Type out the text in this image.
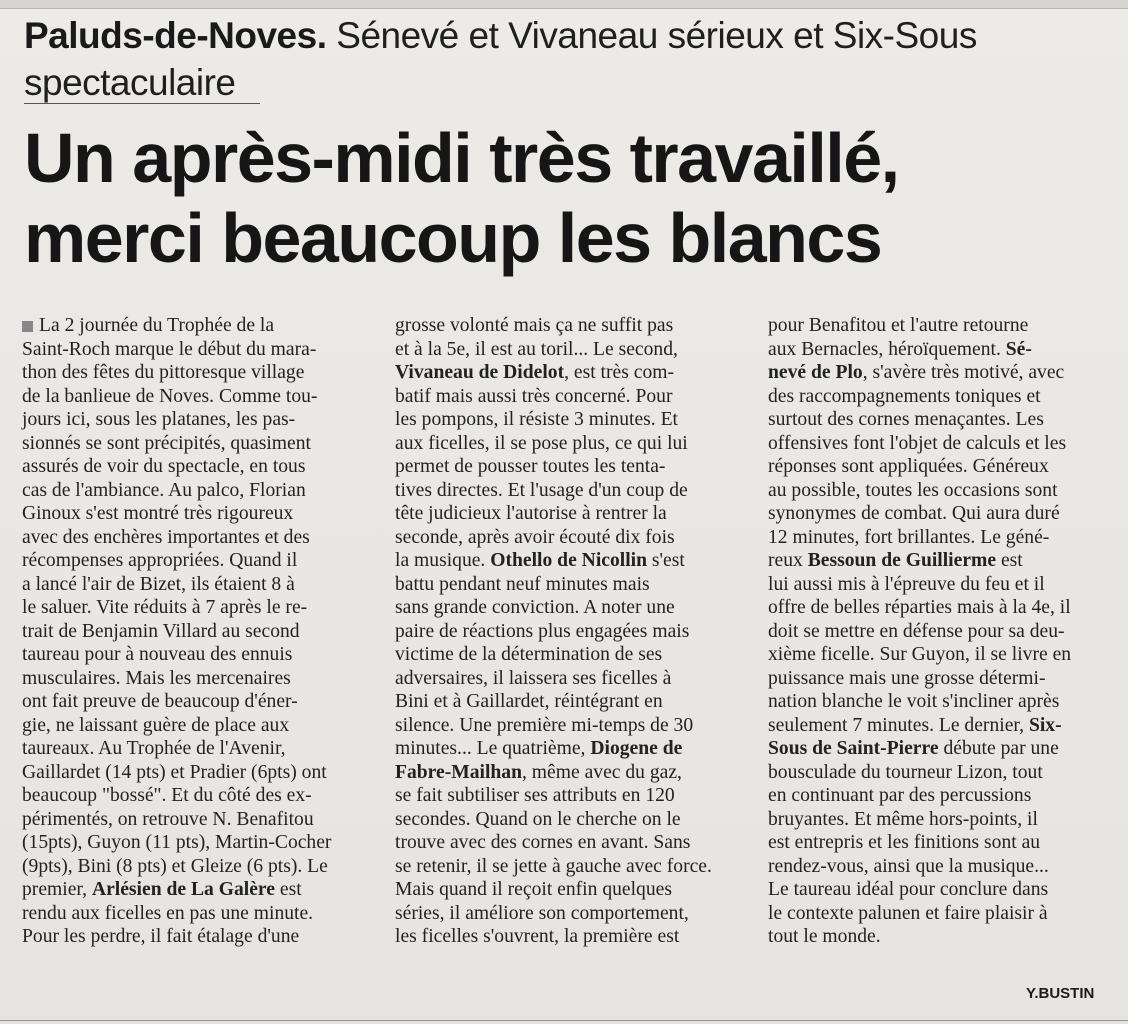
Paluds-de-Noves. Sénevé et Vivaneau sérieux et Six-Sous
spectaculaire
Un après-midi très travaillé,
merci beaucoup les blancs
La 2 journée du Trophée de la
Saint-Roch marque le début du mara-
thon des fêtes du pittoresque village
de la banlieue de Noves. Comme tou-
jours ici, sous les platanes, les pas-
sionnés se sont précipités, quasiment
assurés de voir du spectacle, en tous
cas de l'ambiance. Au palco, Florian
Ginoux s'est montré très rigoureux
avec des enchères importantes et des
récompenses appropriées. Quand il
a lancé l'air de Bizet, ils étaient 8 à
le saluer. Vite réduits à 7 après le re-
trait de Benjamin Villard au second
taureau pour à nouveau des ennuis
musculaires. Mais les mercenaires
ont fait preuve de beaucoup d'éner-
gie, ne laissant guère de place aux
taureaux. Au Trophée de l'Avenir,
Gaillardet (14 pts) et Pradier (6pts) ont
beaucoup "bossé". Et du côté des ex-
périmentés, on retrouve N. Benafitou
(15pts), Guyon (11 pts), Martin-Cocher
(9pts), Bini (8 pts) et Gleize (6 pts). Le
premier, Arlésien de La Galère est
rendu aux ficelles en pas une minute.
Pour les perdre, il fait étalage d'une
grosse volonté mais ça ne suffit pas
et à la 5e, il est au toril... Le second,
Vivaneau de Didelot, est très com-
batif mais aussi très concerné. Pour
les pompons, il résiste 3 minutes. Et
aux ficelles, il se pose plus, ce qui lui
permet de pousser toutes les tenta-
tives directes. Et l'usage d'un coup de
tête judicieux l'autorise à rentrer la
seconde, après avoir écouté dix fois
la musique. Othello de Nicollin s'est
battu pendant neuf minutes mais
sans grande conviction. A noter une
paire de réactions plus engagées mais
victime de la détermination de ses
adversaires, il laissera ses ficelles à
Bini et à Gaillardet, réintégrant en
silence. Une première mi-temps de 30
minutes... Le quatrième, Diogene de
Fabre-Mailhan, même avec du gaz,
se fait subtiliser ses attributs en 120
secondes. Quand on le cherche on le
trouve avec des cornes en avant. Sans
se retenir, il se jette à gauche avec force.
Mais quand il reçoit enfin quelques
séries, il améliore son comportement,
les ficelles s'ouvrent, la première est
pour Benafitou et l'autre retourne
aux Bernacles, héroïquement. Sé-
nevé de Plo, s'avère très motivé, avec
des raccompagnements toniques et
surtout des cornes menaçantes. Les
offensives font l'objet de calculs et les
réponses sont appliquées. Généreux
au possible, toutes les occasions sont
synonymes de combat. Qui aura duré
12 minutes, fort brillantes. Le géné-
reux Bessoun de Guillierme est
lui aussi mis à l'épreuve du feu et il
offre de belles réparties mais à la 4e, il
doit se mettre en défense pour sa deu-
xième ficelle. Sur Guyon, il se livre en
puissance mais une grosse détermi-
nation blanche le voit s'incliner après
seulement 7 minutes. Le dernier, Six-
Sous de Saint-Pierre débute par une
bousculade du tourneur Lizon, tout
en continuant par des percussions
bruyantes. Et même hors-points, il
est entrepris et les finitions sont au
rendez-vous, ainsi que la musique...
Le taureau idéal pour conclure dans
le contexte palunen et faire plaisir à
tout le monde.
Y.BUSTIN
